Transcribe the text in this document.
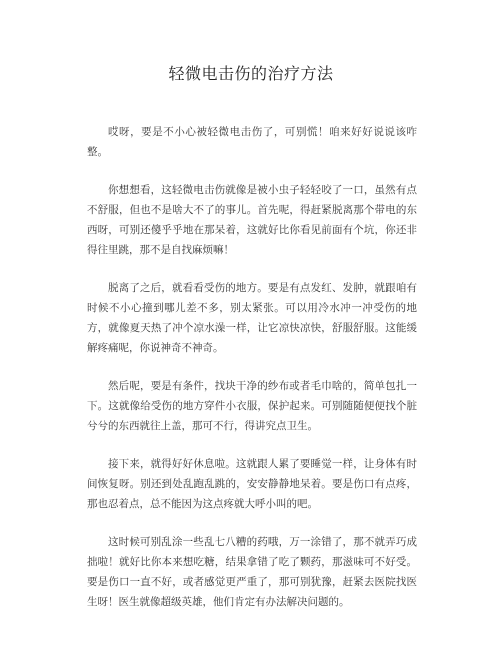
轻微电击伤的治疗方法

哎呀，要是不小心被轻微电击伤了，可别慌！咱来好好说说该咋整。

你想想看，这轻微电击伤就像是被小虫子轻轻咬了一口，虽然有点不舒服，但也不是啥大不了的事儿。首先呢，得赶紧脱离那个带电的东西呀，可别还傻乎乎地在那呆着，这就好比你看见前面有个坑，你还非得往里跳，那不是自找麻烦嘛！

脱离了之后，就看看受伤的地方。要是有点发红、发肿，就跟咱有时候不小心撞到哪儿差不多，别太紧张。可以用冷水冲一冲受伤的地方，就像夏天热了冲个凉水澡一样，让它凉快凉快，舒服舒服。这能缓解疼痛呢，你说神奇不神奇。

然后呢，要是有条件，找块干净的纱布或者毛巾啥的，简单包扎一下。这就像给受伤的地方穿件小衣服，保护起来。可别随随便便找个脏兮兮的东西就往上盖，那可不行，得讲究点卫生。

接下来，就得好好休息啦。这就跟人累了要睡觉一样，让身体有时间恢复呀。别还到处乱跑乱跳的，安安静静地呆着。要是伤口有点疼，那也忍着点，总不能因为这点疼就大呼小叫的吧。

这时候可别乱涂一些乱七八糟的药哦，万一涂错了，那不就弄巧成拙啦！就好比你本来想吃糖，结果拿错了吃了颗药，那滋味可不好受。要是伤口一直不好，或者感觉更严重了，那可别犹豫，赶紧去医院找医生呀！医生就像超级英雄，他们肯定有办法解决问题的。
